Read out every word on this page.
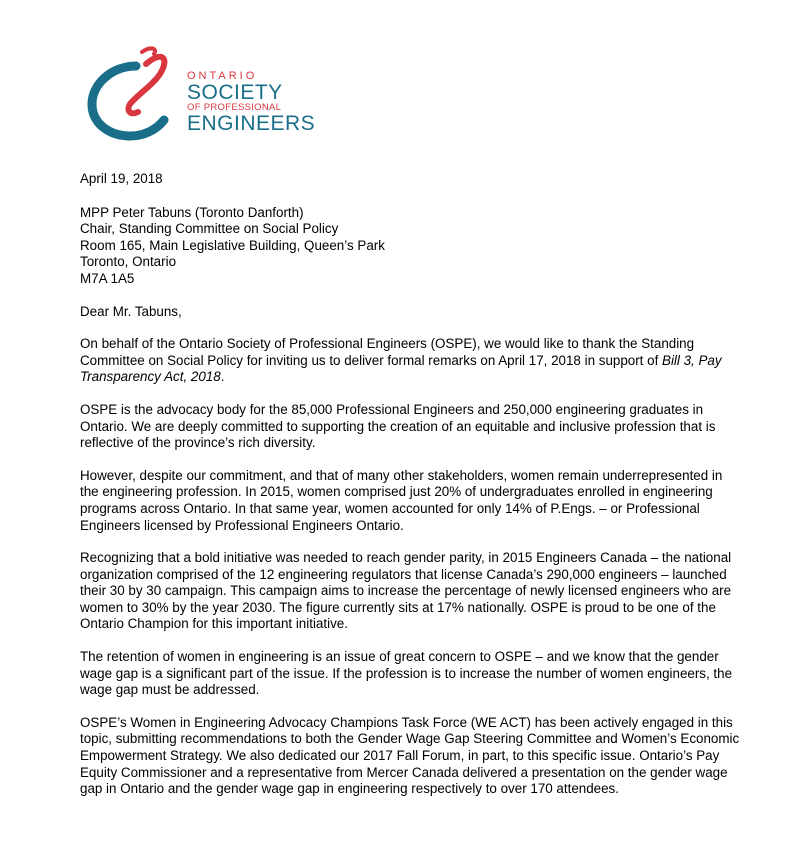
ONTARIO
SOCIETY
OF PROFESSIONAL
ENGINEERS

April 19, 2018

MPP Peter Tabuns (Toronto Danforth)
Chair, Standing Committee on Social Policy
Room 165, Main Legislative Building, Queen’s Park
Toronto, Ontario
M7A 1A5

Dear Mr. Tabuns,

On behalf of the Ontario Society of Professional Engineers (OSPE), we would like to thank the Standing Committee on Social Policy for inviting us to deliver formal remarks on April 17, 2018 in support of Bill 3, Pay Transparency Act, 2018.

OSPE is the advocacy body for the 85,000 Professional Engineers and 250,000 engineering graduates in Ontario. We are deeply committed to supporting the creation of an equitable and inclusive profession that is reflective of the province’s rich diversity.

However, despite our commitment, and that of many other stakeholders, women remain underrepresented in the engineering profession. In 2015, women comprised just 20% of undergraduates enrolled in engineering programs across Ontario. In that same year, women accounted for only 14% of P.Engs. – or Professional Engineers licensed by Professional Engineers Ontario.

Recognizing that a bold initiative was needed to reach gender parity, in 2015 Engineers Canada – the national organization comprised of the 12 engineering regulators that license Canada’s 290,000 engineers – launched their 30 by 30 campaign. This campaign aims to increase the percentage of newly licensed engineers who are women to 30% by the year 2030. The figure currently sits at 17% nationally. OSPE is proud to be one of the Ontario Champion for this important initiative.

The retention of women in engineering is an issue of great concern to OSPE – and we know that the gender wage gap is a significant part of the issue. If the profession is to increase the number of women engineers, the wage gap must be addressed.

OSPE’s Women in Engineering Advocacy Champions Task Force (WE ACT) has been actively engaged in this topic, submitting recommendations to both the Gender Wage Gap Steering Committee and Women’s Economic Empowerment Strategy. We also dedicated our 2017 Fall Forum, in part, to this specific issue. Ontario’s Pay Equity Commissioner and a representative from Mercer Canada delivered a presentation on the gender wage gap in Ontario and the gender wage gap in engineering respectively to over 170 attendees.
